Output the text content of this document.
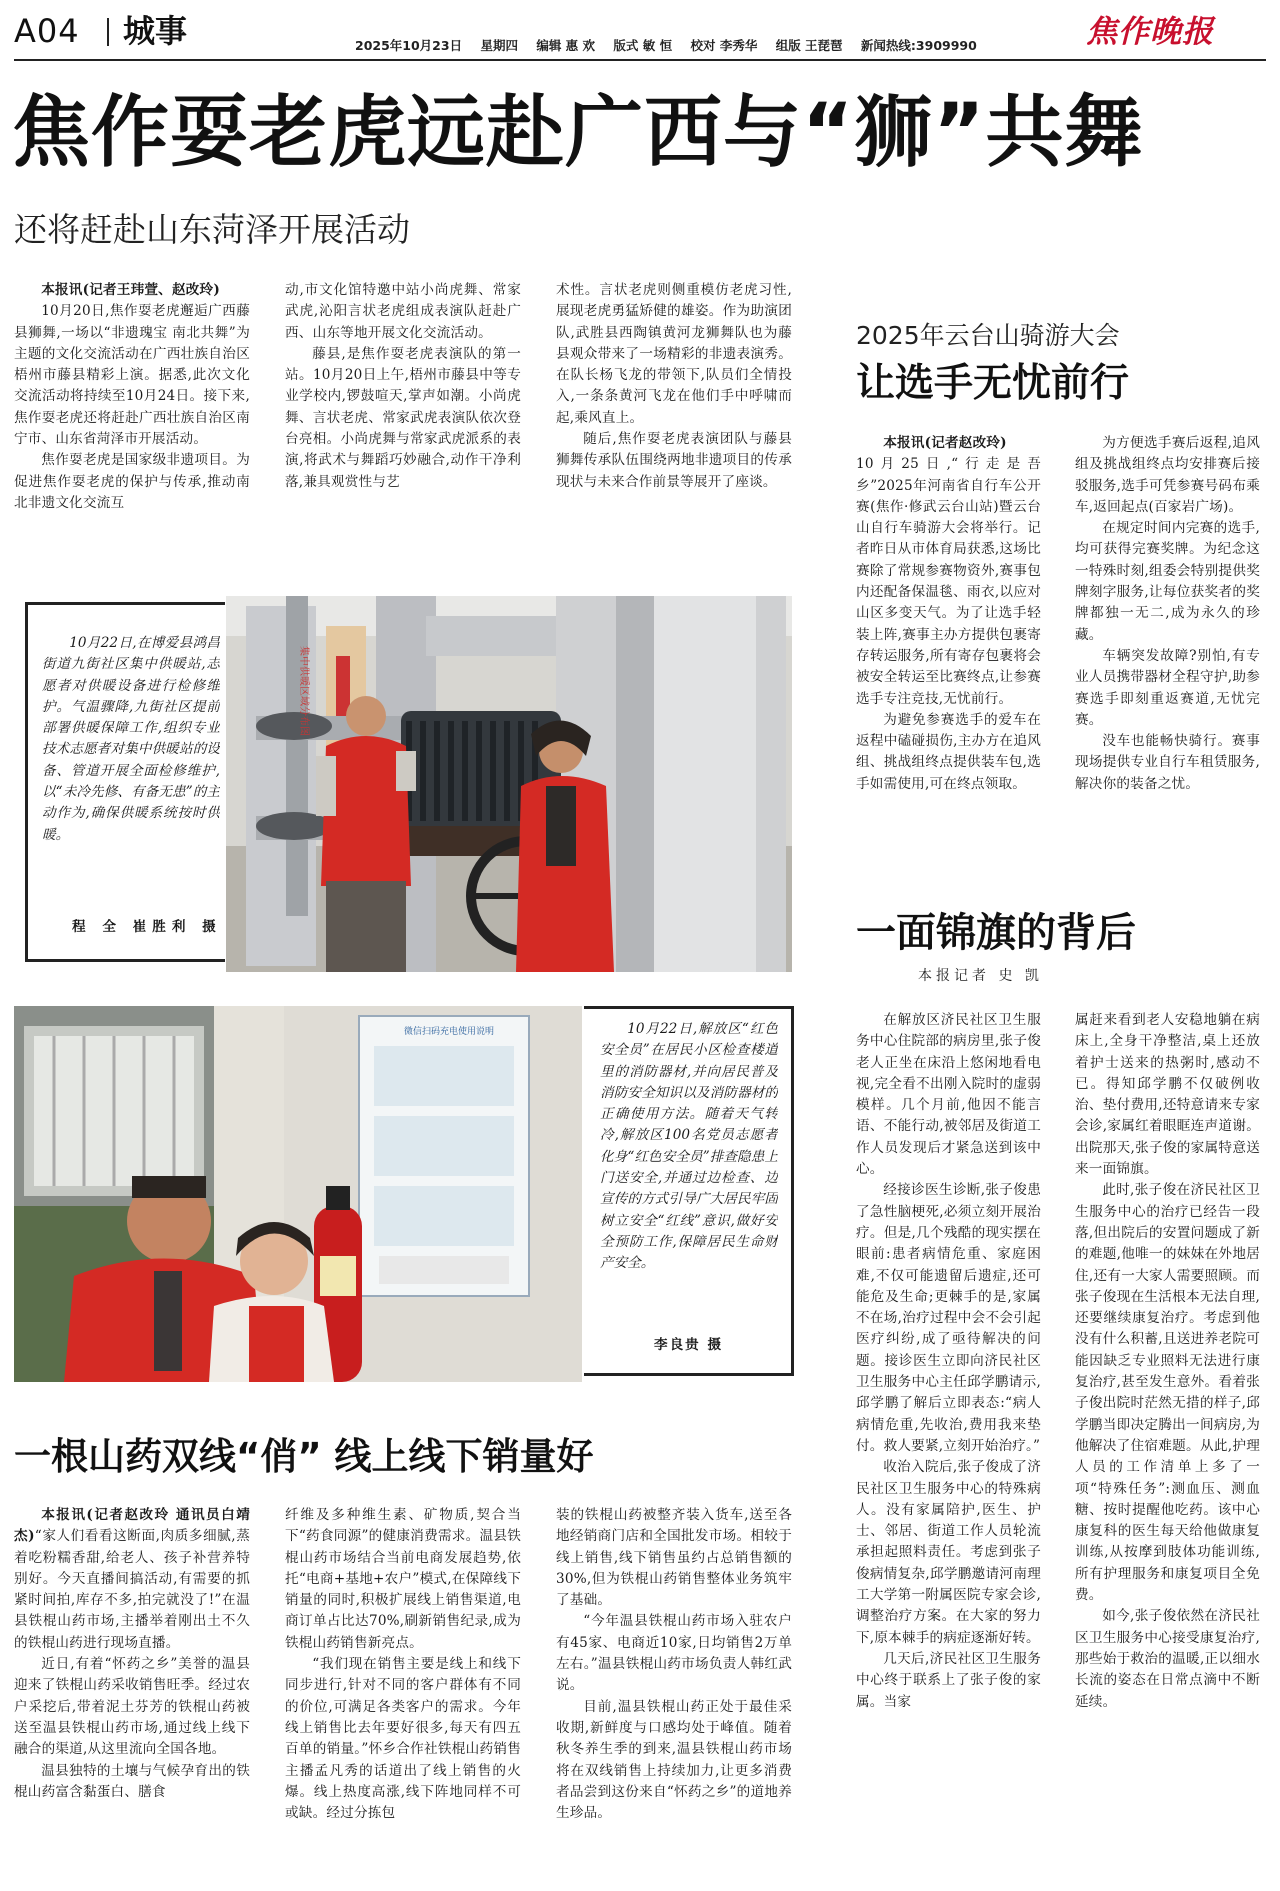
A04 城事	2025年10月23日 星期四 编辑 惠 欢 版式 敏 恒 校对 李秀华 组版 王琵琶 新闻热线:3909990	焦作晚报
焦作耍老虎远赴广西与“狮”共舞
还将赶赴山东菏泽开展活动

本报讯(记者王玮萱、赵改玲)

10月20日,焦作耍老虎邂逅广西藤县狮舞,一场以“非遗瑰宝 南北共舞”为主题的文化交流活动在广西壮族自治区梧州市藤县精彩上演。据悉,此次文化交流活动将持续至10月24日。接下来,焦作耍老虎还将赶赴广西壮族自治区南宁市、山东省菏泽市开展活动。

焦作耍老虎是国家级非遗项目。为促进焦作耍老虎的保护与传承,推动南北非遗文化交流互

动,市文化馆特邀中站小尚虎舞、常家武虎,沁阳言状老虎组成表演队赶赴广西、山东等地开展文化交流活动。

藤县,是焦作耍老虎表演队的第一站。10月20日上午,梧州市藤县中等专业学校内,锣鼓喧天,掌声如潮。小尚虎舞、言状老虎、常家武虎表演队依次登台亮相。小尚虎舞与常家武虎派系的表演,将武术与舞蹈巧妙融合,动作干净利落,兼具观赏性与艺

术性。言状老虎则侧重模仿老虎习性,展现老虎勇猛矫健的雄姿。作为助演团队,武胜县西陶镇黄河龙狮舞队也为藤县观众带来了一场精彩的非遗表演秀。在队长杨飞龙的带领下,队员们全情投入,一条条黄河飞龙在他们手中呼啸而起,乘风直上。

随后,焦作耍老虎表演团队与藤县狮舞传承队伍围绕两地非遗项目的传承现状与未来合作前景等展开了座谈。

10月22日,在博爱县鸿昌街道九街社区集中供暖站,志愿者对供暖设备进行检修维护。气温骤降,九街社区提前部署供暖保障工作,组织专业技术志愿者对集中供暖站的设备、管道开展全面检修维护,以“未冷先修、有备无患”的主动作为,确保供暖系统按时供暖。
程 全 崔胜利 摄
集中供暖区域分布图
微信扫码充电使用说明	10月22日,解放区“红色安全员”在居民小区检查楼道里的消防器材,并向居民普及消防安全知识以及消防器材的正确使用方法。随着天气转冷,解放区100名党员志愿者化身“红色安全员”排查隐患上门送安全,并通过边检查、边宣传的方式引导广大居民牢固树立安全“红线”意识,做好安全预防工作,保障居民生命财产安全。
李良贵 摄
一根山药双线“俏” 线上线下销量好

本报讯(记者赵改玲 通讯员白靖杰)“家人们看看这断面,肉质多细腻,蒸着吃粉糯香甜,给老人、孩子补营养特别好。今天直播间搞活动,有需要的抓紧时间拍,库存不多,拍完就没了!”在温县铁棍山药市场,主播举着刚出土不久的铁棍山药进行现场直播。

近日,有着“怀药之乡”美誉的温县迎来了铁棍山药采收销售旺季。经过农户采挖后,带着泥土芬芳的铁棍山药被送至温县铁棍山药市场,通过线上线下融合的渠道,从这里流向全国各地。

温县独特的土壤与气候孕育出的铁棍山药富含黏蛋白、膳食

纤维及多种维生素、矿物质,契合当下“药食同源”的健康消费需求。温县铁棍山药市场结合当前电商发展趋势,依托“电商+基地+农户”模式,在保障线下销量的同时,积极扩展线上销售渠道,电商订单占比达70%,刷新销售纪录,成为铁棍山药销售新亮点。

“我们现在销售主要是线上和线下同步进行,针对不同的客户群体有不同的价位,可满足各类客户的需求。今年线上销售比去年要好很多,每天有四五百单的销量。”怀乡合作社铁棍山药销售主播孟凡秀的话道出了线上销售的火爆。线上热度高涨,线下阵地同样不可或缺。经过分拣包

装的铁棍山药被整齐装入货车,送至各地经销商门店和全国批发市场。相较于线上销售,线下销售虽约占总销售额的30%,但为铁棍山药销售整体业务筑牢了基础。

“今年温县铁棍山药市场入驻农户有45家、电商近10家,日均销售2万单左右。”温县铁棍山药市场负责人韩红武说。

目前,温县铁棍山药正处于最佳采收期,新鲜度与口感均处于峰值。随着秋冬养生季的到来,温县铁棍山药市场将在双线销售上持续加力,让更多消费者品尝到这份来自“怀药之乡”的道地养生珍品。

2025年云台山骑游大会
让选手无忧前行

本报讯(记者赵改玲)

10月25日,“行走是吾乡”2025年河南省自行车公开赛(焦作·修武云台山站)暨云台山自行车骑游大会将举行。记者昨日从市体育局获悉,这场比赛除了常规参赛物资外,赛事包内还配备保温毯、雨衣,以应对山区多变天气。为了让选手轻装上阵,赛事主办方提供包裹寄存转运服务,所有寄存包裹将会被安全转运至比赛终点,让参赛选手专注竞技,无忧前行。

为避免参赛选手的爱车在返程中磕碰损伤,主办方在追风组、挑战组终点提供装车包,选手如需使用,可在终点领取。

为方便选手赛后返程,追风组及挑战组终点均安排赛后接驳服务,选手可凭参赛号码布乘车,返回起点(百家岩广场)。

在规定时间内完赛的选手,均可获得完赛奖牌。为纪念这一特殊时刻,组委会特别提供奖牌刻字服务,让每位获奖者的奖牌都独一无二,成为永久的珍藏。

车辆突发故障?别怕,有专业人员携带器材全程守护,助参赛选手即刻重返赛道,无忧完赛。

没车也能畅快骑行。赛事现场提供专业自行车租赁服务,解决你的装备之忧。

一面锦旗的背后
本报记者 史 凯

在解放区济民社区卫生服务中心住院部的病房里,张子俊老人正坐在床沿上悠闲地看电视,完全看不出刚入院时的虚弱模样。几个月前,他因不能言语、不能行动,被邻居及街道工作人员发现后才紧急送到该中心。

经接诊医生诊断,张子俊患了急性脑梗死,必须立刻开展治疗。但是,几个残酷的现实摆在眼前:患者病情危重、家庭困难,不仅可能遗留后遗症,还可能危及生命;更棘手的是,家属不在场,治疗过程中会不会引起医疗纠纷,成了亟待解决的问题。接诊医生立即向济民社区卫生服务中心主任邱学鹏请示,邱学鹏了解后立即表态:“病人病情危重,先收治,费用我来垫付。救人要紧,立刻开始治疗。”

收治入院后,张子俊成了济民社区卫生服务中心的特殊病人。没有家属陪护,医生、护士、邻居、街道工作人员轮流承担起照料责任。考虑到张子俊病情复杂,邱学鹏邀请河南理工大学第一附属医院专家会诊,调整治疗方案。在大家的努力下,原本棘手的病症逐渐好转。

几天后,济民社区卫生服务中心终于联系上了张子俊的家属。当家

属赶来看到老人安稳地躺在病床上,全身干净整洁,桌上还放着护士送来的热粥时,感动不已。得知邱学鹏不仅破例收治、垫付费用,还特意请来专家会诊,家属红着眼眶连声道谢。出院那天,张子俊的家属特意送来一面锦旗。

此时,张子俊在济民社区卫生服务中心的治疗已经告一段落,但出院后的安置问题成了新的难题,他唯一的妹妹在外地居住,还有一大家人需要照顾。而张子俊现在生活根本无法自理,还要继续康复治疗。考虑到他没有什么积蓄,且送进养老院可能因缺乏专业照料无法进行康复治疗,甚至发生意外。看着张子俊出院时茫然无措的样子,邱学鹏当即决定腾出一间病房,为他解决了住宿难题。从此,护理人员的工作清单上多了一项“特殊任务”:测血压、测血糖、按时提醒他吃药。该中心康复科的医生每天给他做康复训练,从按摩到肢体功能训练,所有护理服务和康复项目全免费。

如今,张子俊依然在济民社区卫生服务中心接受康复治疗,那些始于救治的温暖,正以细水长流的姿态在日常点滴中不断延续。
